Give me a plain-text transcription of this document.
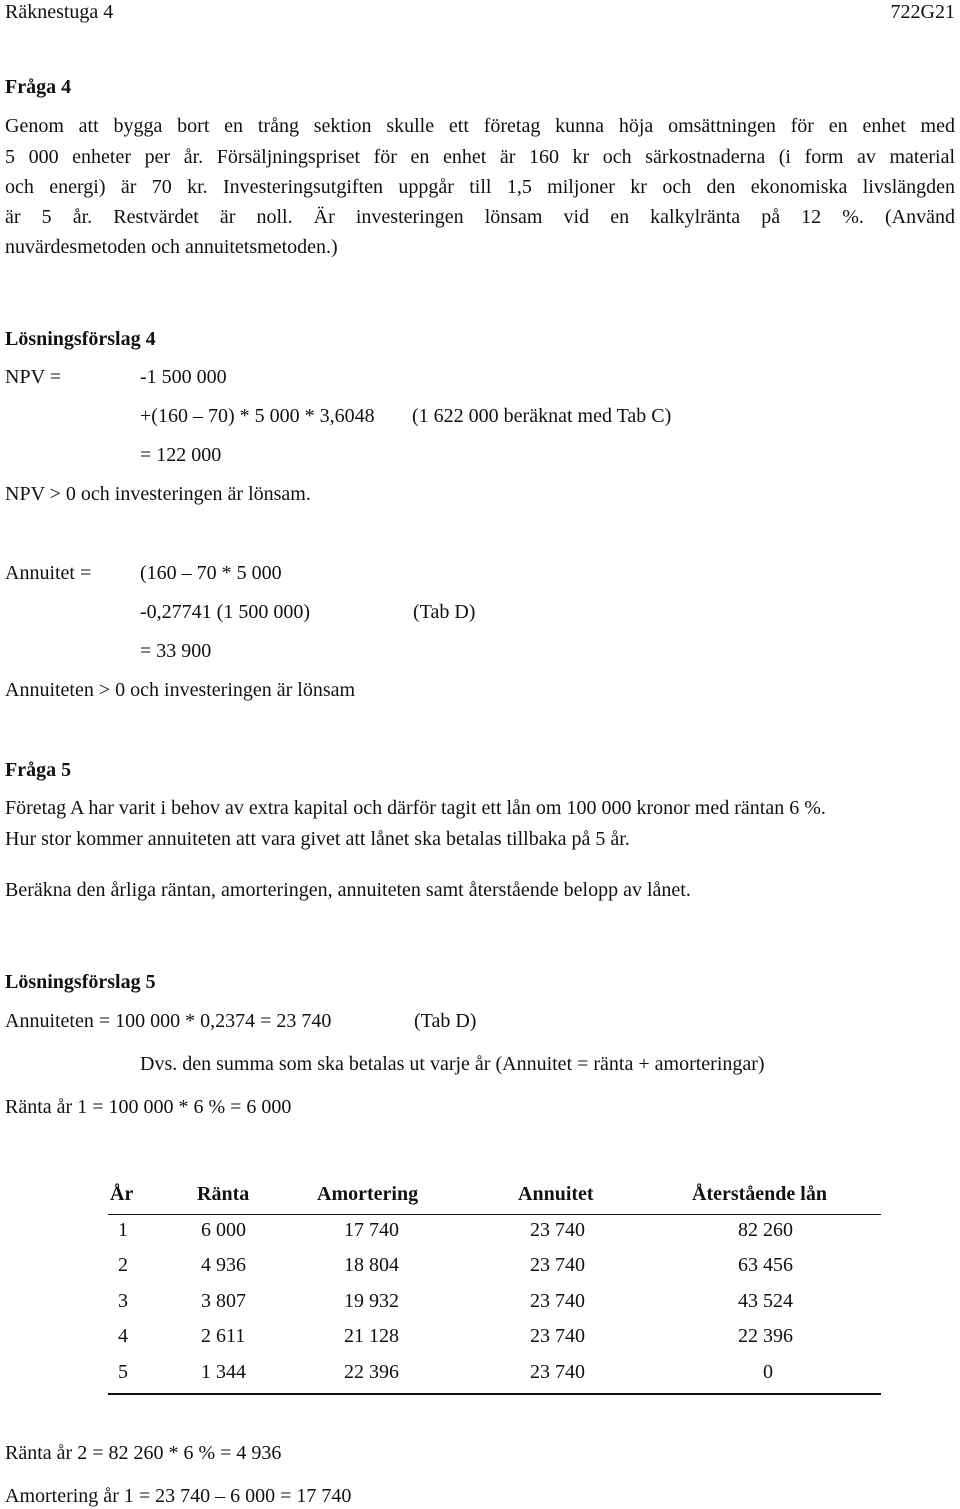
Räknestuga 4	722G21
Fråga 4
Genom att bygga bort en trång sektion skulle ett företag kunna höja omsättningen för en enhet med
5 000 enheter per år. Försäljningspriset för en enhet är 160 kr och särkostnaderna (i form av material
och energi) är 70 kr. Investeringsutgiften uppgår till 1,5 miljoner kr och den ekonomiska livslängden
är 5 år. Restvärdet är noll. Är investeringen lönsam vid en kalkylränta på 12 %. (Använd
nuvärdesmetoden och annuitetsmetoden.)
Lösningsförslag 4
NPV =	-1 500 000
+(160 – 70) * 5 000 * 3,6048 (1 622 000 beräknat med Tab C)
= 122 000
NPV > 0 och investeringen är lönsam.
Annuitet = (160 – 70 * 5 000
-0,27741 (1 500 000)	(Tab D)
= 33 900
Annuiteten > 0 och investeringen är lönsam
Fråga 5
Företag A har varit i behov av extra kapital och därför tagit ett lån om 100 000 kronor med räntan 6 %.
Hur stor kommer annuiteten att vara givet att lånet ska betalas tillbaka på 5 år.
Beräkna den årliga räntan, amorteringen, annuiteten samt återstående belopp av lånet.
Lösningsförslag 5
Annuiteten = 100 000 * 0,2374 = 23 740	(Tab D)
Dvs. den summa som ska betalas ut varje år (Annuitet = ränta + amorteringar)
Ränta år 1 = 100 000 * 6 % = 6 000
År	Ränta	Amortering	Annuitet	Återstående lån
1	6 000	17 740	23 740	82 260
2	4 936	18 804	23 740	63 456
3	3 807	19 932	23 740	43 524
4	2 611	21 128	23 740	22 396
5	1 344	22 396	23 740	0
Ränta år 2 = 82 260 * 6 % = 4 936
Amortering år 1 = 23 740 – 6 000 = 17 740
